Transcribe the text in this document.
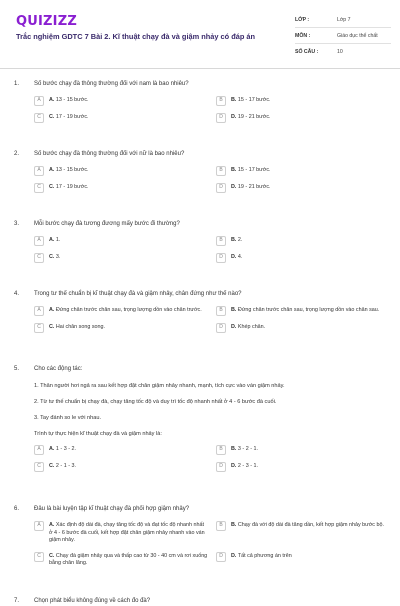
QUIZIZZ
Trắc nghiệm GDTC 7 Bài 2. Kĩ thuật chạy đà và giậm nhảy có đáp án
LỚP :	Lớp 7
MÔN :	Giáo dục thể chất
SỐ CÂU :	10
1.	Số bước chạy đà thông thường đối với nam là bao nhiêu?
A	A. 13 - 15 bước.	B	B. 15 - 17 bước.
C	C. 17 - 19 bước.	D	D. 19 - 21 bước.
2.	Số bước chạy đà thông thường đối với nữ là bao nhiêu?
A	A. 13 - 15 bước.	B	B. 15 - 17 bước.
C	C. 17 - 19 bước.	D	D. 19 - 21 bước.
3.	Mỗi bước chạy đà tương đương mấy bước đi thường?
A	A. 1.	B	B. 2.
C	C. 3.	D	D. 4.
4.	Trong tư thế chuẩn bị kĩ thuật chạy đà và giậm nhảy, chân đứng như thế nào?
A	A. Đứng chân trước chân sau, trọng lượng dồn vào chân trước.	B	B. Đứng chân trước chân sau, trọng lượng dồn vào chân sau.
C	C. Hai chân song song.	D	D. Khép chân.
5.	Cho các động tác:
1. Thân người hơi ngả ra sau kết hợp đặt chân giậm nhảy nhanh, mạnh, tích cực vào ván giậm nhảy.
2. Từ tư thế chuẩn bị chạy đà, chạy tăng tốc độ và duy trì tốc độ nhanh nhất ở 4 - 6 bước đà cuối.
3. Tay đánh so le với nhau.
Trình tự thực hiện kĩ thuật chạy đà và giậm nhảy là:
A	A. 1 - 3 - 2.	B	B. 3 - 2 - 1.
C	C. 2 - 1 - 3.	D	D. 2 - 3 - 1.
6.	Đâu là bài luyện tập kĩ thuật chạy đà phối hợp giậm nhảy?
A	A. Xác định độ dài đà, chạy tăng tốc độ và đạt tốc độ nhanh nhất ở 4 - 6 bước đà cuối, kết hợp đặt chân giậm nhảy nhanh vào ván giậm nhảy.
B	B. Chạy đà với độ dài đà tăng dần, kết hợp giậm nhảy bước bộ.
C	C. Chạy đà giậm nhảy qua và thấp cao từ 30 - 40 cm và rơi xuống bằng chân lăng.
D	D. Tất cả phương án trên
7.	Chọn phát biểu không đúng về cách đo đà?
